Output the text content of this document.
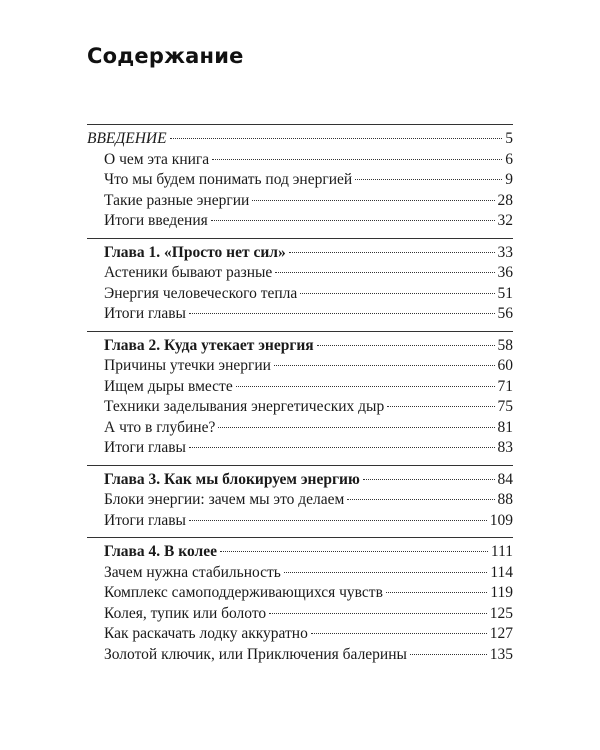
Содержание
ВВЕДЕНИЕ	5
О чем эта книга	6
Что мы будем понимать под энергией	9
Такие разные энергии	28
Итоги введения	32
Глава 1. «Просто нет сил»	33
Астеники бывают разные	36
Энергия человеческого тепла	51
Итоги главы	56
Глава 2. Куда утекает энергия	58
Причины утечки энергии	60
Ищем дыры вместе	71
Техники заделывания энергетических дыр	75
А что в глубине?	81
Итоги главы	83
Глава 3. Как мы блокируем энергию	84
Блоки энергии: зачем мы это делаем	88
Итоги главы	109
Глава 4. В колее	111
Зачем нужна стабильность	114
Комплекс самоподдерживающихся чувств	119
Колея, тупик или болото	125
Как раскачать лодку аккуратно	127
Золотой ключик, или Приключения балерины	135
